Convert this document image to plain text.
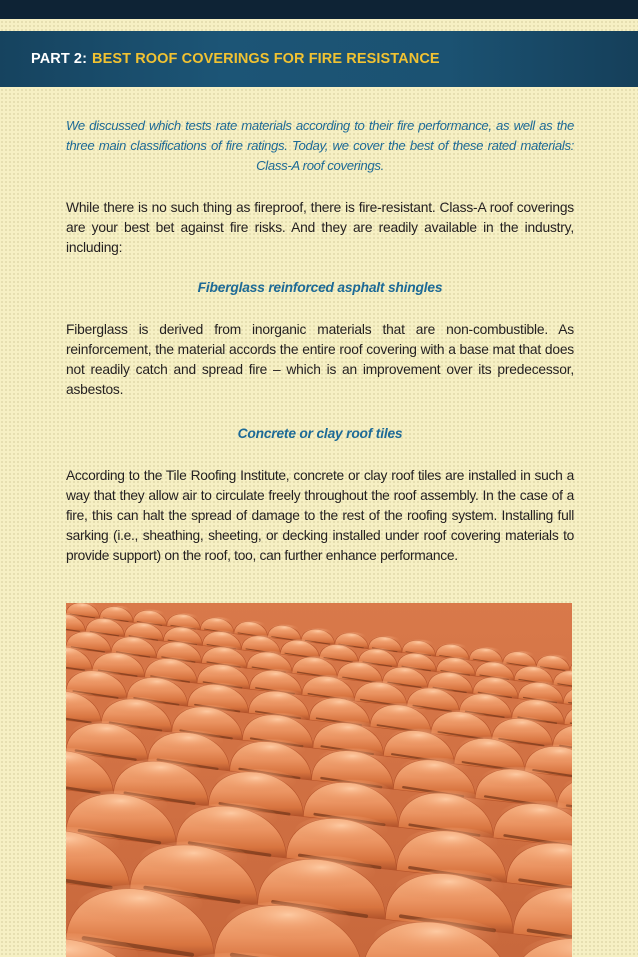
PART 2: BEST ROOF COVERINGS FOR FIRE RESISTANCE
We discussed which tests rate materials according to their fire performance, as well as the three main classifications of fire ratings. Today, we cover the best of these rated materials: Class-A roof coverings.
While there is no such thing as fireproof, there is fire-resistant. Class-A roof coverings are your best bet against fire risks. And they are readily available in the industry, including:
Fiberglass reinforced asphalt shingles
Fiberglass is derived from inorganic materials that are non-combustible. As reinforcement, the material accords the entire roof covering with a base mat that does not readily catch and spread fire – which is an improvement over its predecessor, asbestos.
Concrete or clay roof tiles
According to the Tile Roofing Institute, concrete or clay roof tiles are installed in such a way that they allow air to circulate freely throughout the roof assembly. In the case of a fire, this can halt the spread of damage to the rest of the roofing system. Installing full sarking (i.e., sheathing, sheeting, or decking installed under roof covering materials to provide support) on the roof, too, can further enhance performance.
